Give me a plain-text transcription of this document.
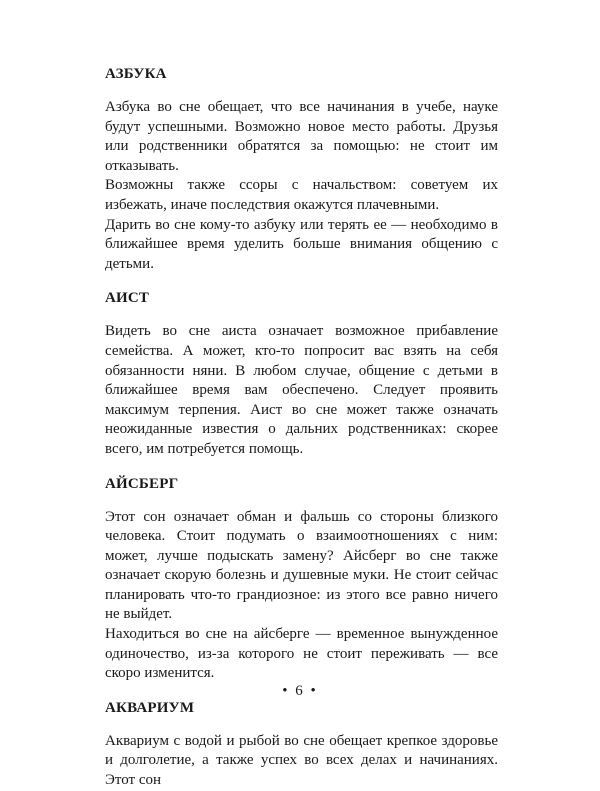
АЗБУКА

Азбука во сне обещает, что все начинания в учебе, науке будут успешными. Возможно новое место работы. Друзья или родственники обратятся за помощью: не стоит им отказывать.

Возможны также ссоры с начальством: советуем их избежать, иначе последствия окажутся плачевными.

Дарить во сне кому-то азбуку или терять ее — необходимо в ближайшее время уделить больше внимания общению с детьми.

АИСТ

Видеть во сне аиста означает возможное прибавление семейства. А может, кто-то попросит вас взять на себя обязанности няни. В любом случае, общение с детьми в ближайшее время вам обеспечено. Следует проявить максимум терпения. Аист во сне может также означать неожиданные известия о дальних родственниках: скорее всего, им потребуется помощь.

АЙСБЕРГ

Этот сон означает обман и фальшь со стороны близкого человека. Стоит подумать о взаимоотношениях с ним: может, лучше подыскать замену? Айсберг во сне также означает скорую болезнь и душевные муки. Не стоит сейчас планировать что-то грандиозное: из этого все равно ничего не выйдет.

Находиться во сне на айсберге — временное вынужденное одиночество, из-за которого не стоит переживать — все скоро изменится.

АКВАРИУМ

Аквариум с водой и рыбой во сне обещает крепкое здоровье и долголетие, а также успех во всех делах и начинаниях. Этот сон

• 6 •
